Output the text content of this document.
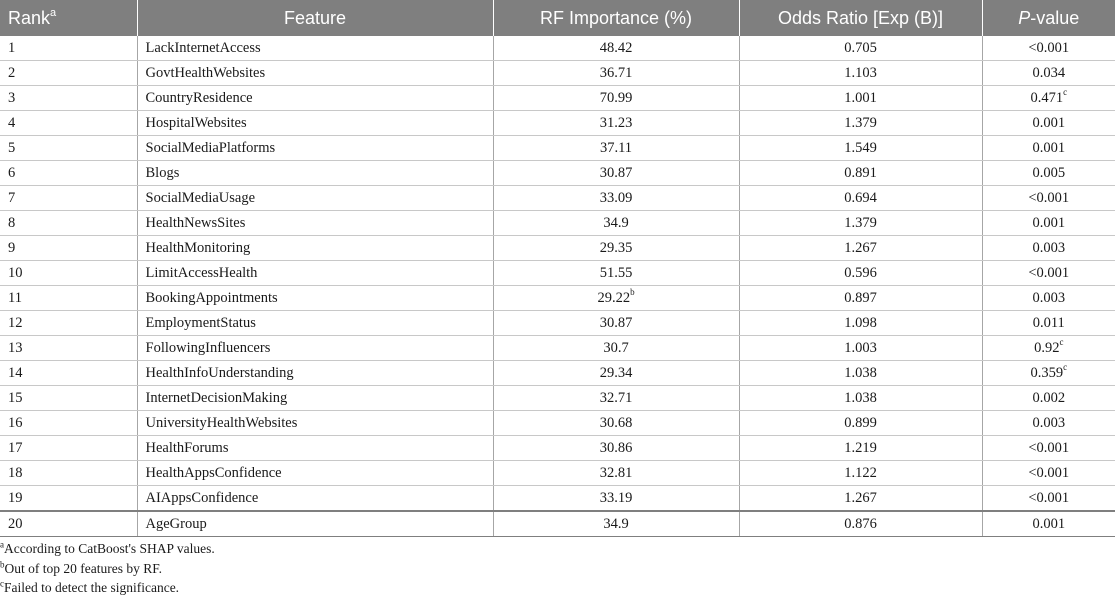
Rank$^a$	Feature	RF Importance (%)	Odds Ratio [Exp (B)]	P-value
1	LackInternetAccess	48.42	0.705	<0.001
2	GovtHealthWebsites	36.71	1.103	0.034
3	CountryResidence	70.99	1.001	0.471$^c$
4	HospitalWebsites	31.23	1.379	0.001
5	SocialMediaPlatforms	37.11	1.549	0.001
6	Blogs	30.87	0.891	0.005
7	SocialMediaUsage	33.09	0.694	<0.001
8	HealthNewsSites	34.9	1.379	0.001
9	HealthMonitoring	29.35	1.267	0.003
10	LimitAccessHealth	51.55	0.596	<0.001
11	BookingAppointments	29.22$^b$	0.897	0.003
12	EmploymentStatus	30.87	1.098	0.011
13	FollowingInfluencers	30.7	1.003	0.92$^c$
14	HealthInfoUnderstanding	29.34	1.038	0.359$^c$
15	InternetDecisionMaking	32.71	1.038	0.002
16	UniversityHealthWebsites	30.68	0.899	0.003
17	HealthForums	30.86	1.219	<0.001
18	HealthAppsConfidence	32.81	1.122	<0.001
19	AIAppsConfidence	33.19	1.267	<0.001
20	AgeGroup	34.9	0.876	0.001
$^a$According to CatBoost's SHAP values.
$^b$Out of top 20 features by RF.
$^c$Failed to detect the significance.
